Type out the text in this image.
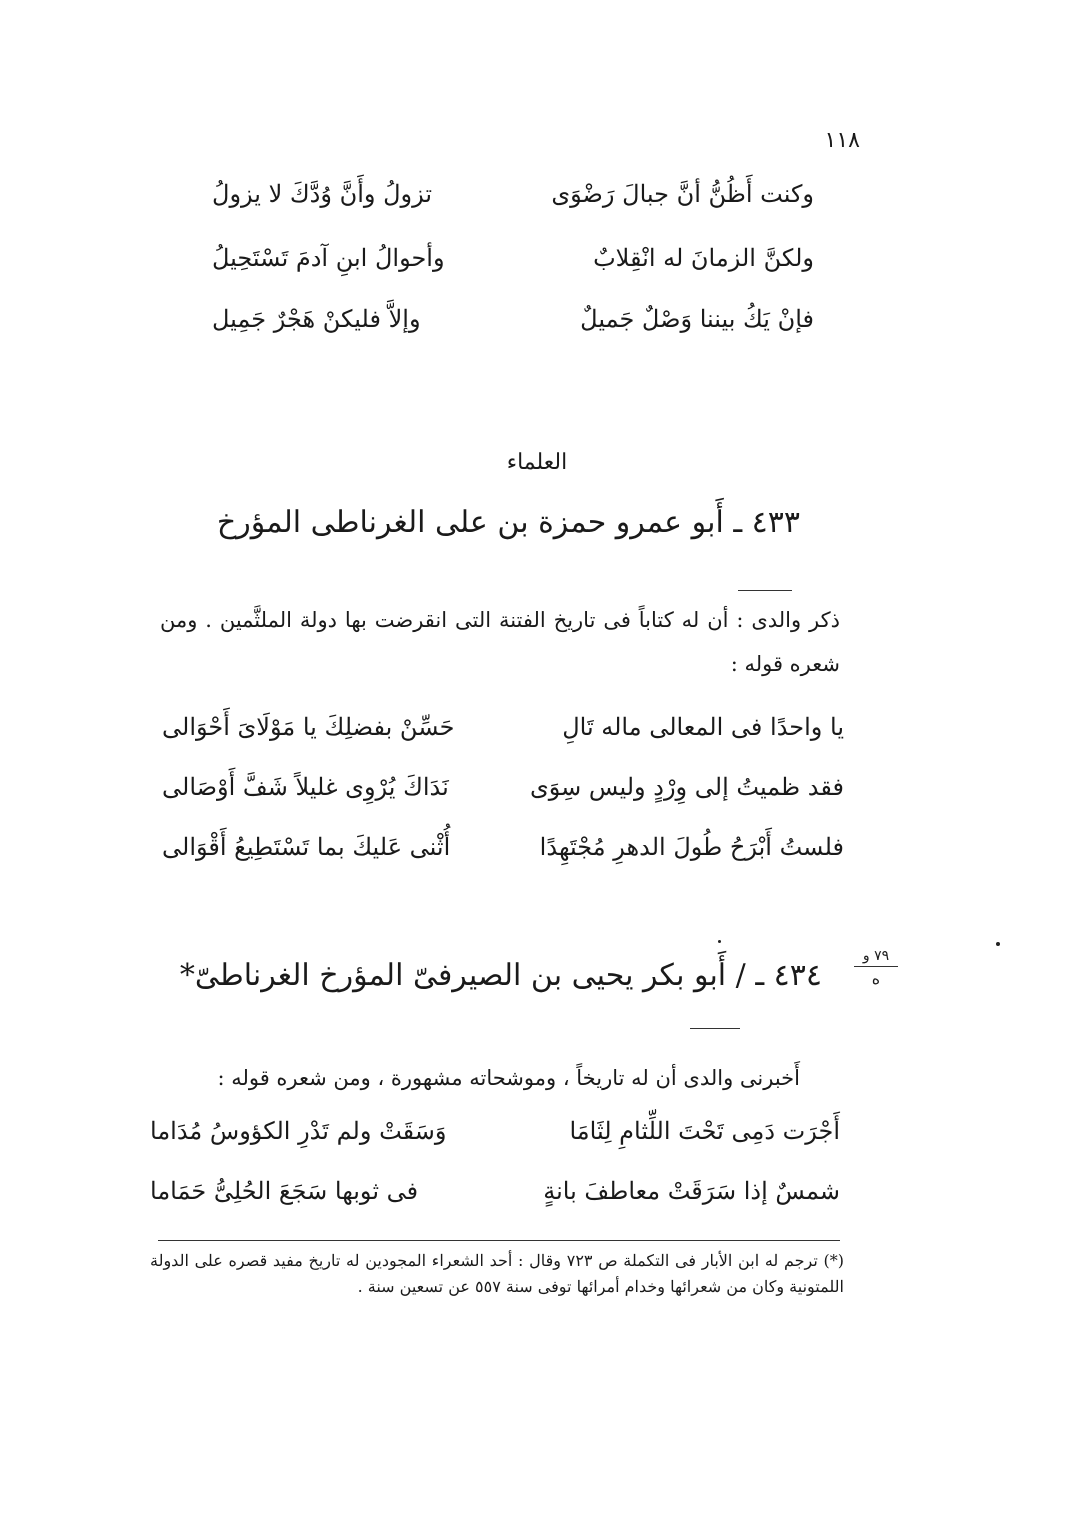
١١٨
وكنت أَظُنُّ أنَّ جبالَ رَضْوَى
تزولُ وأَنَّ وُدَّكَ لا يزولُ
ولكنَّ الزمانَ له انْقِلابٌ
وأحوالُ ابنِ آدمَ تَسْتَحِيلُ
فإنْ يَكُ بيننا وَصْلٌ جَميلٌ
وإلاَّ فليكنْ هَجْرٌ جَمِيل
العلماء
٤٣٣ ـ أَبو عمرو حمزة بن على الغرناطى المؤرخ
ذكر والدى : أن له كتاباً فى تاريخ الفتنة التى انقرضت بها دولة الملثَّمين . ومن شعره قوله :
يا واحدًا فى المعالى ماله تَالِ
حَسِّنْ بفضلِكَ يا مَوْلَاىَ أَحْوَالى
فقد ظميتُ إلى وِرْدٍ وليس سِوَى
نَدَاكَ يُرْوِى غليلاً شَفَّ أَوْصَالى
فلستُ أَبْرَحُ طُولَ الدهرِ مُجْتَهِدًا
أُثْنى عَليكَ بما تَسْتَطِيعُ أَقْوَالى
٤٣٤ ـ / أَبو بكر يحيى بن الصيرفىّ المؤرخ الغرناطىّ*
٧٩ و
ه
أَخبرنى والدى أن له تاريخاً ، وموشحاته مشهورة ، ومن شعره قوله :
أَجْرَت دَمِى تَحْتَ اللِّثامِ لِثَامَا
وَسَقَتْ ولم تَدْرِ الكؤوسُ مُدَاما
شمسٌ إذا سَرَقَتْ معاطفَ بانةٍ
فى ثوبها سَجَعَ الحُلِىُّ حَمَاما
(*) ترجم له ابن الأبار فى التكملة ص ٧٢٣ وقال : أحد الشعراء المجودين له تاريخ مفيد قصره على الدولة اللمتونية وكان من شعرائها وخدام أمرائها توفى سنة ٥٥٧ عن تسعين سنة .
